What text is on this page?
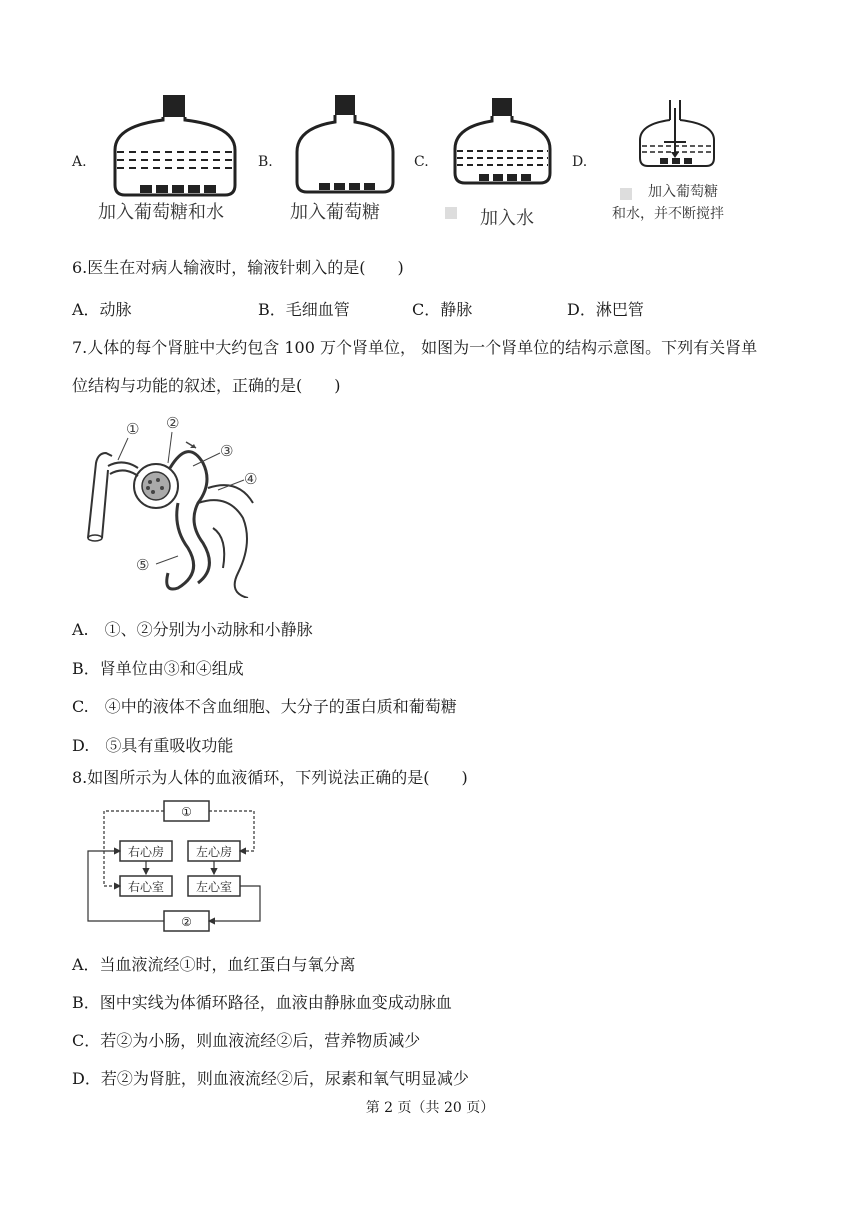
A.
加入葡萄糖和水
B.
加入葡萄糖
C.
加入水
D.
加入葡萄糖
和水，并不断搅拌
6.医生在对病人输液时，输液针刺入的是(　　)
A．动脉	B．毛细血管	C．静脉	D．淋巴管
7.人体的每个肾脏中大约包含 100 万个肾单位， 如图为一个肾单位的结构示意图。下列有关肾单
位结构与功能的叙述，正确的是(　　)
① ②
③
④
⑤
A.　①、②分别为小动脉和小静脉
B．肾单位由③和④组成
C.　④中的液体不含血细胞、大分子的蛋白质和葡萄糖
D.　⑤具有重吸收功能
8.如图所示为人体的血液循环，下列说法正确的是(　　)
①
右心房	左心房
右心室	左心室
②
A．当血液流经①时，血红蛋白与氧分离
B．图中实线为体循环路径，血液由静脉血变成动脉血
C．若②为小肠，则血液流经②后，营养物质减少
D．若②为肾脏，则血液流经②后，尿素和氧气明显减少
第 2 页（共 20 页）
